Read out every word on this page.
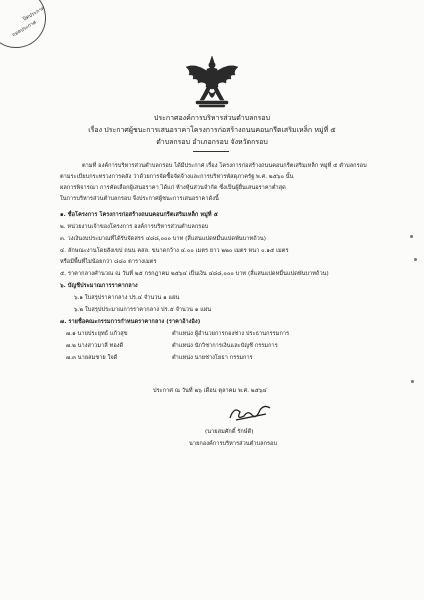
ปิดประกาศ
ถอดประกาศ
ประกาศองค์การบริหารส่วนตำบลกรอบ
เรื่อง ประกาศผู้ชนะการเสนอราคาโครงการก่อสร้างถนนคอนกรีตเสริมเหล็ก หมู่ที่ ๕
ตำบลกรอบ อำเภอกรอบ จังหวัดกรอบ
ตามที่ องค์การบริหารส่วนตำบลกรอบ ได้มีประกาศ เรื่อง โครงการก่อสร้างถนนคอนกรีตเสริมเหล็ก หมู่ที่ ๕ ตำบลกรอบ
ตามระเบียบกระทรวงการคลัง ว่าด้วยการจัดซื้อจัดจ้างและการบริหารพัสดุภาครัฐ พ.ศ. ๒๕๖๐ นั้น
ผลการพิจารณา การคัดเลือกผู้เสนอราคา ได้แก่ ห้างหุ้นส่วนจำกัด ซึ่งเป็นผู้ยื่นเสนอราคาต่ำสุด
ในการบริหารส่วนตำบลกรอบ จึงประกาศผู้ชนะการเสนอราคาดังนี้
๑. ชื่อโครงการ โครงการก่อสร้างถนนคอนกรีตเสริมเหล็ก หมู่ที่ ๕
๒. หน่วยงานเจ้าของโครงการ องค์การบริหารส่วนตำบลกรอบ
๓. วงเงินงบประมาณที่ได้รับจัดสรร ๔๘๘,๐๐๐ บาท (สี่แสนแปดหมื่นแปดพันบาทถ้วน)
๔. ลักษณะงานโดยสังเขป ถนน คสล. ขนาดกว้าง ๔.๐๐ เมตร ยาว ๒๒๐ เมตร หนา ๐.๑๕ เมตร
หรือมีพื้นที่ไม่น้อยกว่า ๘๘๐ ตารางเมตร
๕. ราคากลางคำนวณ ณ วันที่ ๒๕ กรกฎาคม ๒๕๖๔ เป็นเงิน ๔๘๘,๐๐๐ บาท (สี่แสนแปดหมื่นแปดพันบาทถ้วน)
๖. บัญชีประมาณการราคากลาง
๖.๑ ใบสรุปราคากลาง ปร.๔ จำนวน ๑ แผ่น
๖.๒ ใบสรุปประมาณการราคากลาง ปร.๕ จำนวน ๑ แผ่น
๗. รายชื่อคณะกรรมการกำหนดราคากลาง (ราคาอ้างอิง)
๗.๑ นายประยุทธ์ แก้วสุข	ตำแหน่ง ผู้อำนวยการกองช่าง ประธานกรรมการ
๗.๒ นางสาวมาลี ทองดี	ตำแหน่ง นักวิชาการเงินและบัญชี กรรมการ
๗.๓ นายสมชาย ใจดี	ตำแหน่ง นายช่างโยธา กรรมการ
ประกาศ ณ วันที่ ๒๖ เดือน ตุลาคม พ.ศ. ๒๕๖๔
(นายสมศักดิ์ รักษ์ดี)
นายกองค์การบริหารส่วนตำบลกรอบ
